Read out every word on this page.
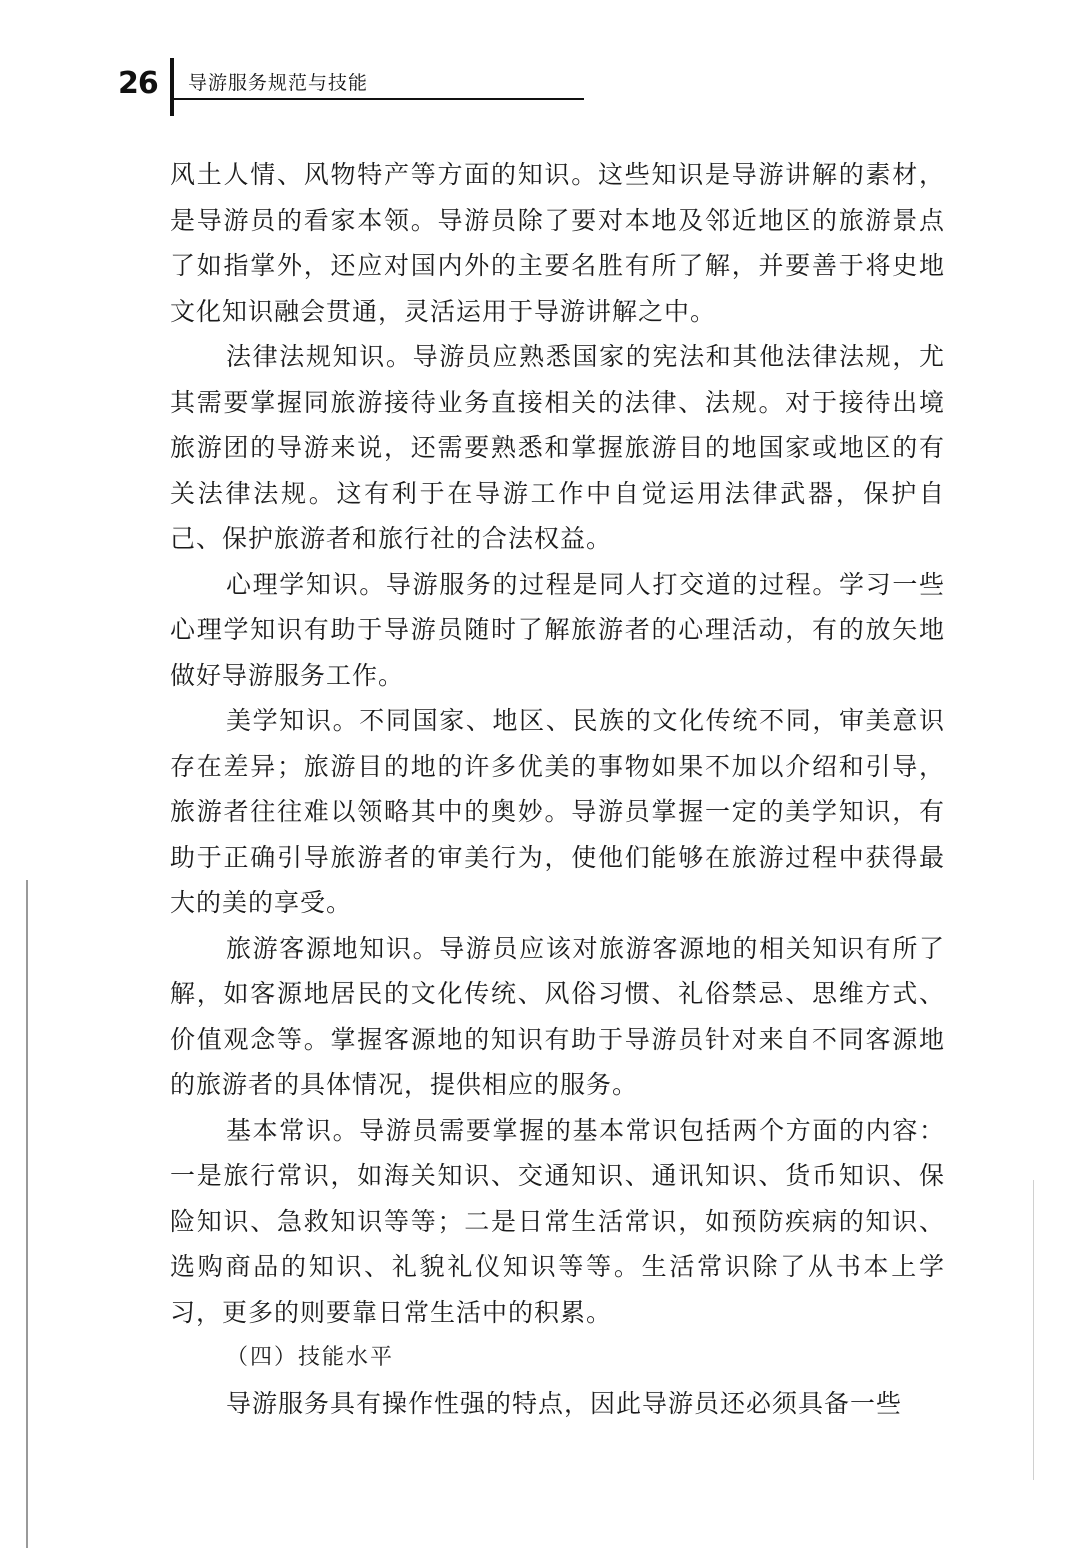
26 导游服务规范与技能

风土人情、风物特产等方面的知识。这些知识是导游讲解的素材，是导游员的看家本领。导游员除了要对本地及邻近地区的旅游景点了如指掌外，还应对国内外的主要名胜有所了解，并要善于将史地文化知识融会贯通，灵活运用于导游讲解之中。

法律法规知识。导游员应熟悉国家的宪法和其他法律法规，尤其需要掌握同旅游接待业务直接相关的法律、法规。对于接待出境旅游团的导游来说，还需要熟悉和掌握旅游目的地国家或地区的有关法律法规。这有利于在导游工作中自觉运用法律武器，保护自己、保护旅游者和旅行社的合法权益。

心理学知识。导游服务的过程是同人打交道的过程。学习一些心理学知识有助于导游员随时了解旅游者的心理活动，有的放矢地做好导游服务工作。

美学知识。不同国家、地区、民族的文化传统不同，审美意识存在差异；旅游目的地的许多优美的事物如果不加以介绍和引导，旅游者往往难以领略其中的奥妙。导游员掌握一定的美学知识，有助于正确引导旅游者的审美行为，使他们能够在旅游过程中获得最大的美的享受。

旅游客源地知识。导游员应该对旅游客源地的相关知识有所了解，如客源地居民的文化传统、风俗习惯、礼俗禁忌、思维方式、价值观念等。掌握客源地的知识有助于导游员针对来自不同客源地的旅游者的具体情况，提供相应的服务。

基本常识。导游员需要掌握的基本常识包括两个方面的内容：一是旅行常识，如海关知识、交通知识、通讯知识、货币知识、保险知识、急救知识等等；二是日常生活常识，如预防疾病的知识、选购商品的知识、礼貌礼仪知识等等。生活常识除了从书本上学习，更多的则要靠日常生活中的积累。

（四）技能水平

导游服务具有操作性强的特点，因此导游员还必须具备一些
